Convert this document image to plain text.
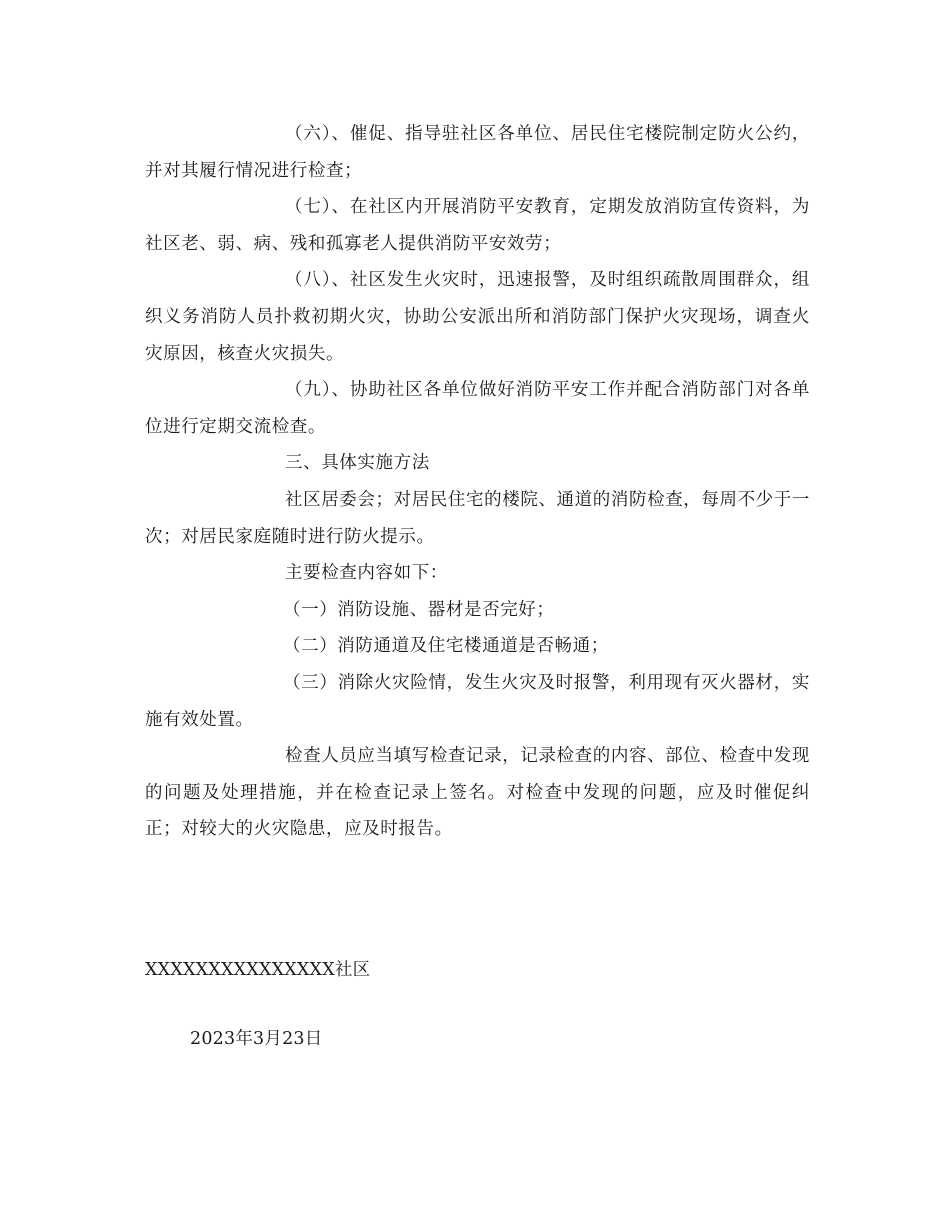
（六）、催促、指导驻社区各单位、居民住宅楼院制定防火公约，并对其履行情况进行检查；

（七）、在社区内开展消防平安教育，定期发放消防宣传资料，为社区老、弱、病、残和孤寡老人提供消防平安效劳；

（八）、社区发生火灾时，迅速报警，及时组织疏散周围群众，组织义务消防人员扑救初期火灾，协助公安派出所和消防部门保护火灾现场，调查火灾原因，核查火灾损失。

（九）、协助社区各单位做好消防平安工作并配合消防部门对各单位进行定期交流检查。

三、具体实施方法

社区居委会；对居民住宅的楼院、通道的消防检查，每周不少于一次；对居民家庭随时进行防火提示。

主要检查内容如下：

（一）消防设施、器材是否完好；

（二）消防通道及住宅楼通道是否畅通；

（三）消除火灾险情，发生火灾及时报警，利用现有灭火器材，实施有效处置。

检查人员应当填写检查记录，记录检查的内容、部位、检查中发现的问题及处理措施，并在检查记录上签名。对检查中发现的问题，应及时催促纠正；对较大的火灾隐患，应及时报告。

XXXXXXXXXXXXXXX社区

2023年3月23日
